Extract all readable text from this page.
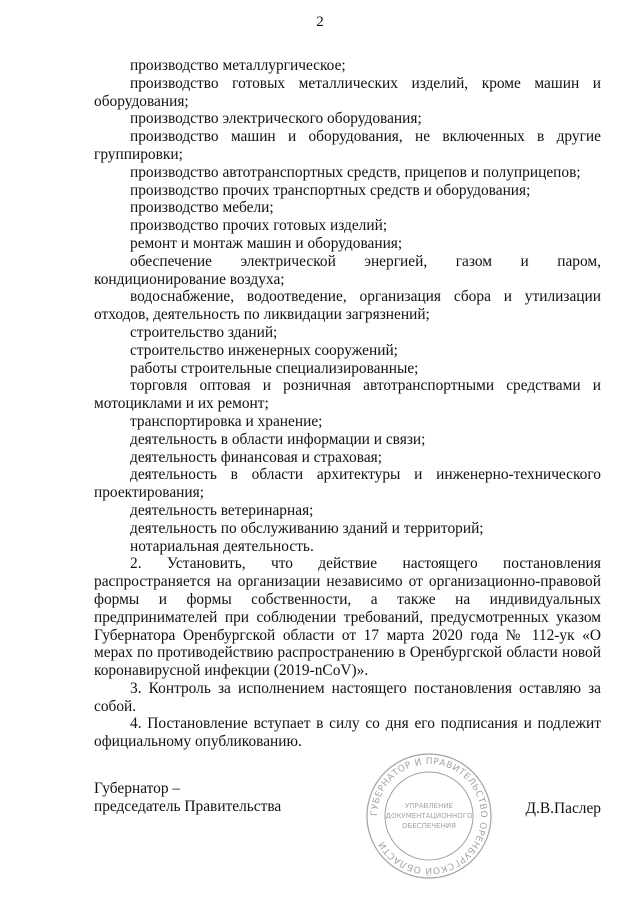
2

производство металлургическое;

производство готовых металлических изделий, кроме машин и оборудования;

производство электрического оборудования;

производство машин и оборудования, не включенных в другие группировки;

производство автотранспортных средств, прицепов и полуприцепов;

производство прочих транспортных средств и оборудования;

производство мебели;

производство прочих готовых изделий;

ремонт и монтаж машин и оборудования;

обеспечение электрической энергией, газом и паром, кондиционирование воздуха;

водоснабжение, водоотведение, организация сбора и утилизации отходов, деятельность по ликвидации загрязнений;

строительство зданий;

строительство инженерных сооружений;

работы строительные специализированные;

торговля оптовая и розничная автотранспортными средствами и мотоциклами и их ремонт;

транспортировка и хранение;

деятельность в области информации и связи;

деятельность финансовая и страховая;

деятельность в области архитектуры и инженерно-технического проектирования;

деятельность ветеринарная;

деятельность по обслуживанию зданий и территорий;

нотариальная деятельность.

2. Установить, что действие настоящего постановления распространяется на организации независимо от организационно-правовой формы и формы собственности, а также на индивидуальных предпринимателей при соблюдении требований, предусмотренных указом Губернатора Оренбургской области от 17 марта 2020 года № 112-ук «О мерах по противодействию распространению в Оренбургской области новой коронавирусной инфекции (2019-nCoV)».

3. Контроль за исполнением настоящего постановления оставляю за собой.

4. Постановление вступает в силу со дня его подписания и подлежит официальному опубликованию.

ГУБЕРНАТОР И ПРАВИТЕЛЬСТВО ОРЕНБУРГСКОЙ ОБЛАСТИ
УПРАВЛЕНИЕ
ДОКУМЕНТАЦИОННОГО
ОБЕСПЕЧЕНИЯ
Губернатор –
председатель Правительства	Д.В.Паслер
